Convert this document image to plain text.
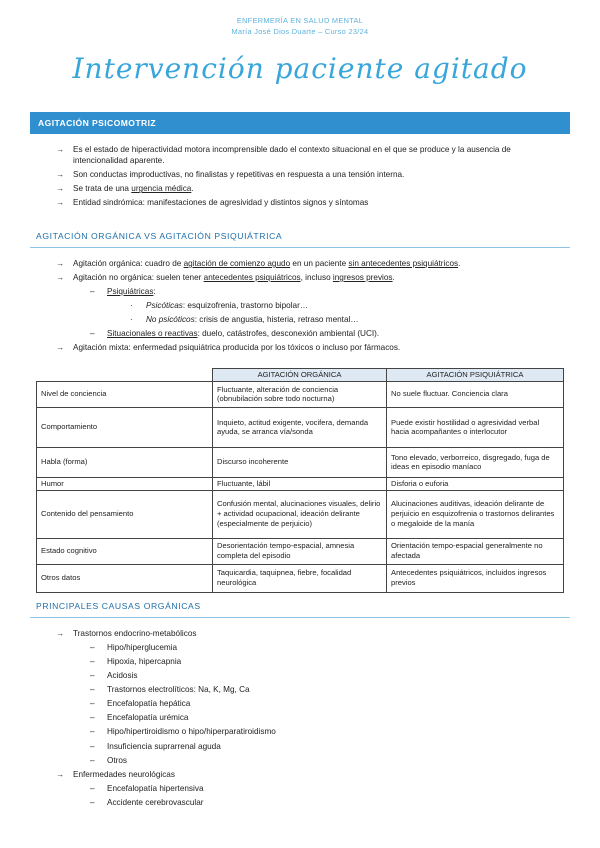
ENFERMERÍA EN SALUD MENTAL
María José Dios Duarte – Curso 23/24
Intervención paciente agitado
AGITACIÓN PSICOMOTRIZ
→ Es el estado de hiperactividad motora incomprensible dado el contexto situacional en el que se produce y la ausencia de intencionalidad aparente.
→ Son conductas improductivas, no finalistas y repetitivas en respuesta a una tensión interna.
→ Se trata de una urgencia médica.
→ Entidad sindrómica: manifestaciones de agresividad y distintos signos y síntomas
AGITACIÓN ORGÁNICA VS AGITACIÓN PSIQUIÁTRICA
→ Agitación orgánica: cuadro de agitación de comienzo agudo en un paciente sin antecedentes psiquiátricos.
→ Agitación no orgánica: suelen tener antecedentes psiquiátricos, incluso ingresos previos.
– Psiquiátricas:
· Psicóticas: esquizofrenia, trastorno bipolar…
· No psicóticos: crisis de angustia, histeria, retraso mental…
– Situacionales o reactivas: duelo, catástrofes, desconexión ambiental (UCI).
→ Agitación mixta: enfermedad psiquiátrica producida por los tóxicos o incluso por fármacos.
	AGITACIÓN ORGÁNICA	AGITACIÓN PSIQUIÁTRICA
Nivel de conciencia	Fluctuante, alteración de conciencia (obnubilación sobre todo nocturna)	No suele fluctuar. Conciencia clara
Comportamiento	Inquieto, actitud exigente, vocifera, demanda ayuda, se arranca vía/sonda	Puede existir hostilidad o agresividad verbal hacia acompañantes o interlocutor
Habla (forma)	Discurso incoherente	Tono elevado, verborreico, disgregado, fuga de ideas en episodio maníaco
Humor	Fluctuante, lábil	Disforia o euforia
Contenido del pensamiento	Confusión mental, alucinaciones visuales, delirio + actividad ocupacional, ideación delirante (especialmente de perjuicio)	Alucinaciones auditivas, ideación delirante de perjuicio en esquizofrenia o trastornos delirantes o megaloide de la manía
Estado cognitivo	Desorientación tempo-espacial, amnesia completa del episodio	Orientación tempo-espacial generalmente no afectada
Otros datos	Taquicardia, taquipnea, fiebre, focalidad neurológica	Antecedentes psiquiátricos, incluidos ingresos previos
PRINCIPALES CAUSAS ORGÁNICAS
→ Trastornos endocrino-metabólicos
– Hipo/hiperglucemia
– Hipoxia, hipercapnia
– Acidosis
– Trastornos electrolíticos: Na, K, Mg, Ca
– Encefalopatía hepática
– Encefalopatía urémica
– Hipo/hipertiroidismo o hipo/hiperparatiroidismo
– Insuficiencia suprarrenal aguda
– Otros
→ Enfermedades neurológicas
– Encefalopatía hipertensiva
– Accidente cerebrovascular
